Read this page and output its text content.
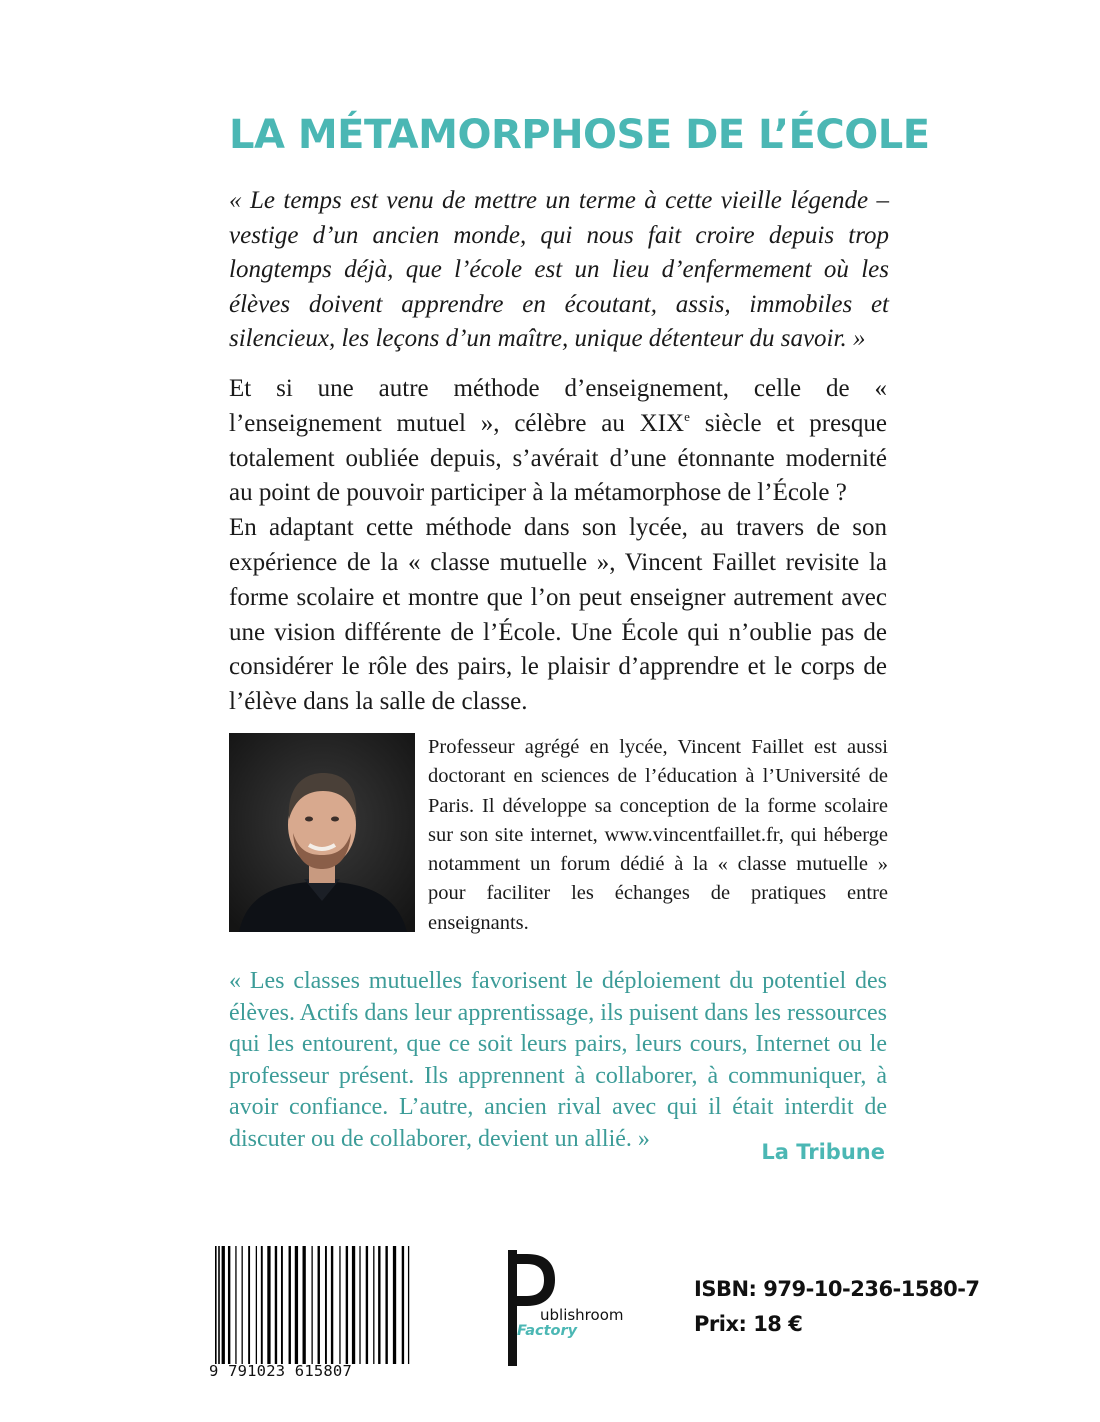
LA MÉTAMORPHOSE DE L’ÉCOLE

« Le temps est venu de mettre un terme à cette vieille légende – vestige d’un ancien monde, qui nous fait croire depuis trop longtemps déjà, que l’école est un lieu d’enfermement où les élèves doivent apprendre en écoutant, assis, immobiles et silencieux, les leçons d’un maître, unique détenteur du savoir. »

Et si une autre méthode d’enseignement, celle de « l’enseignement mutuel », célèbre au XIXe siècle et presque totalement oubliée depuis, s’avérait d’une étonnante modernité au point de pouvoir participer à la métamorphose de l’École ?

En adaptant cette méthode dans son lycée, au travers de son expérience de la « classe mutuelle », Vincent Faillet revisite la forme scolaire et montre que l’on peut enseigner autrement avec une vision différente de l’École. Une École qui n’oublie pas de considérer le rôle des pairs, le plaisir d’apprendre et le corps de l’élève dans la salle de classe.

Professeur agrégé en lycée, Vincent Faillet est aussi doctorant en sciences de l’éducation à l’Université de Paris. Il développe sa conception de la forme scolaire sur son site internet, www.vincentfaillet.fr, qui héberge notamment un forum dédié à la « classe mutuelle » pour faciliter les échanges de pratiques entre enseignants.

« Les classes mutuelles favorisent le déploiement du potentiel des élèves. Actifs dans leur apprentissage, ils puisent dans les ressources qui les entourent, que ce soit leurs pairs, leurs cours, Internet ou le professeur présent. Ils apprennent à collaborer, à communiquer, à avoir confiance. L’autre, ancien rival avec qui il était interdit de discuter ou de collaborer, devient un allié. »

La Tribune

9 791023 615807
ublishroom
Factory

ISBN: 979-10-236-1580-7

Prix: 18 €
